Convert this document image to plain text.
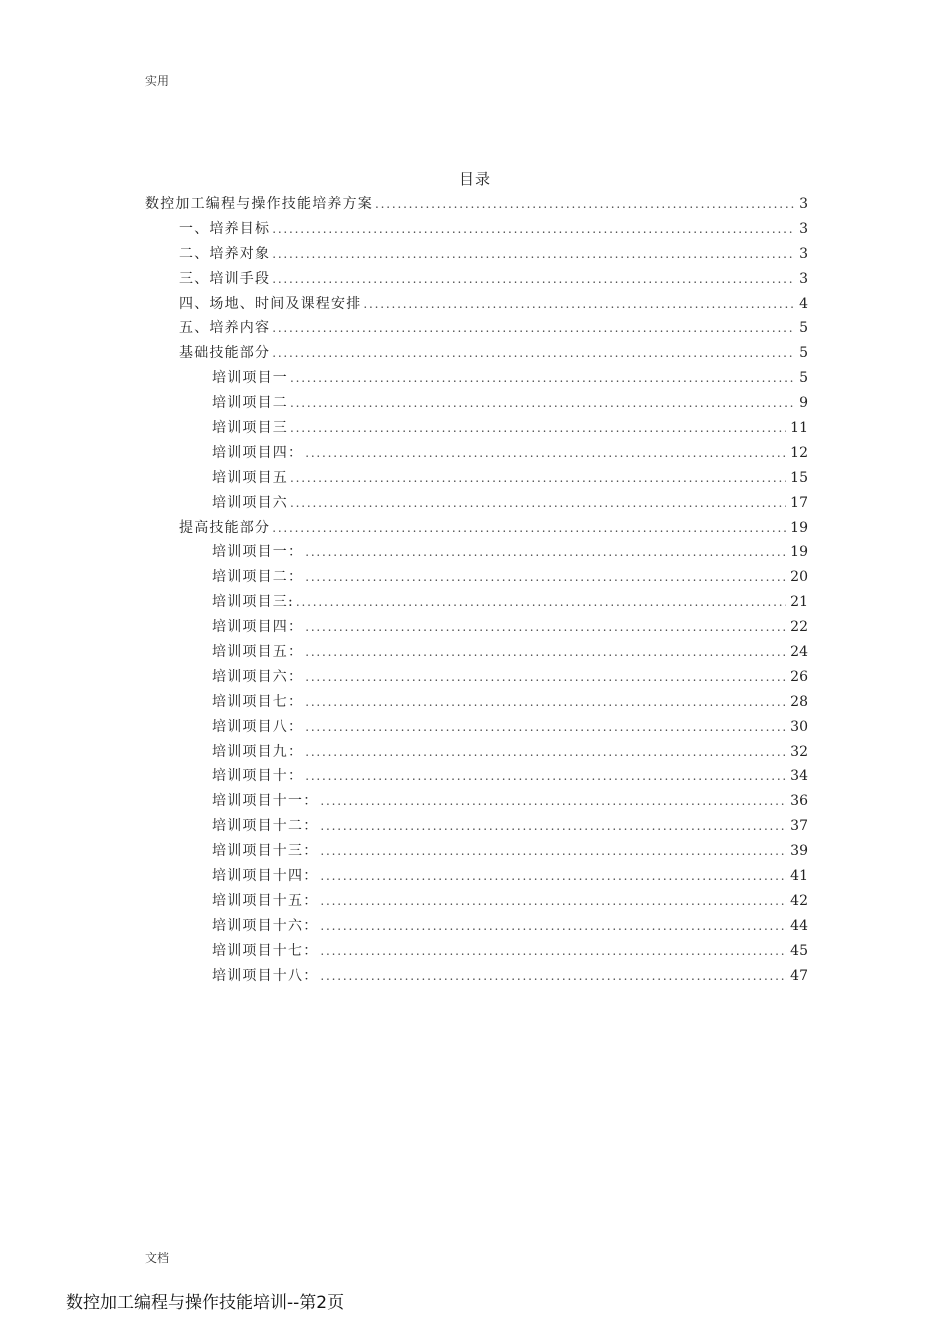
实用
目录
数控加工编程与操作技能培养方案 .....	3
一、培养目标 .....	3
二、培养对象 .....	3
三、培训手段 .....	3
四、场地、时间及课程安排 .....	4
五、培养内容 .....	5
基础技能部分 .....	5
培训项目一 .....	5
培训项目二 .....	9
培训项目三 .....	11
培训项目四： .....	12
培训项目五 .....	15
培训项目六 .....	17
提高技能部分 .....	19
培训项目一： .....	19
培训项目二： .....	20
培训项目三: .....	21
培训项目四： .....	22
培训项目五： .....	24
培训项目六： .....	26
培训项目七： .....	28
培训项目八： .....	30
培训项目九： .....	32
培训项目十： .....	34
培训项目十一： .....	36
培训项目十二： .....	37
培训项目十三： .....	39
培训项目十四： .....	41
培训项目十五： .....	42
培训项目十六： .....	44
培训项目十七： .....	45
培训项目十八： .....	47
文档
数控加工编程与操作技能培训--第2页
